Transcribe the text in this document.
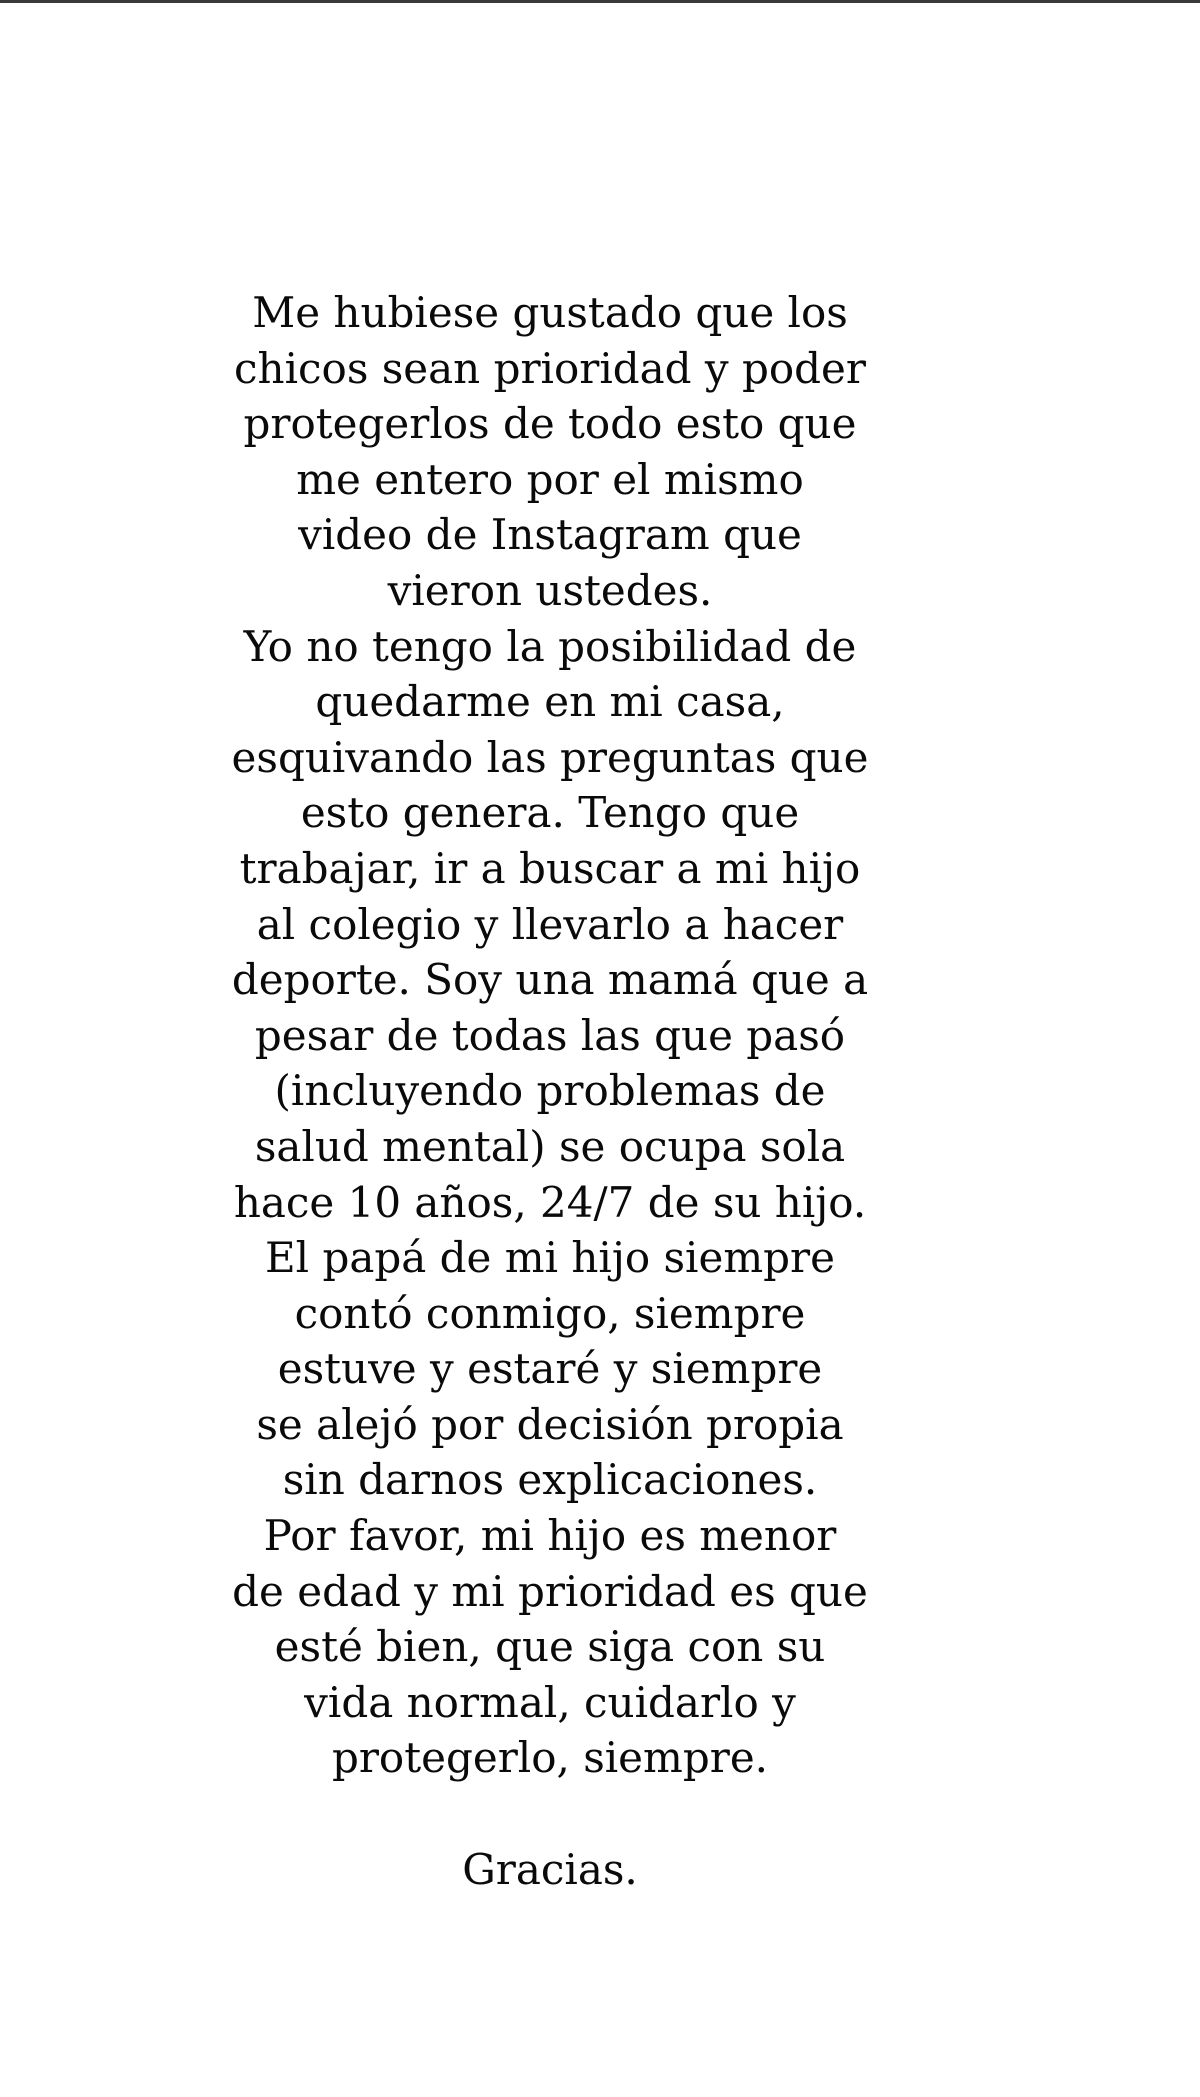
Me hubiese gustado que los
chicos sean prioridad y poder
protegerlos de todo esto que
me entero por el mismo
video de Instagram que
vieron ustedes.
Yo no tengo la posibilidad de
quedarme en mi casa,
esquivando las preguntas que
esto genera. Tengo que
trabajar, ir a buscar a mi hijo
al colegio y llevarlo a hacer
deporte. Soy una mamá que a
pesar de todas las que pasó
(incluyendo problemas de
salud mental) se ocupa sola
hace 10 años, 24/7 de su hijo.
El papá de mi hijo siempre
contó conmigo, siempre
estuve y estaré y siempre
se alejó por decisión propia
sin darnos explicaciones.
Por favor, mi hijo es menor
de edad y mi prioridad es que
esté bien, que siga con su
vida normal, cuidarlo y
protegerlo, siempre.
Gracias.
